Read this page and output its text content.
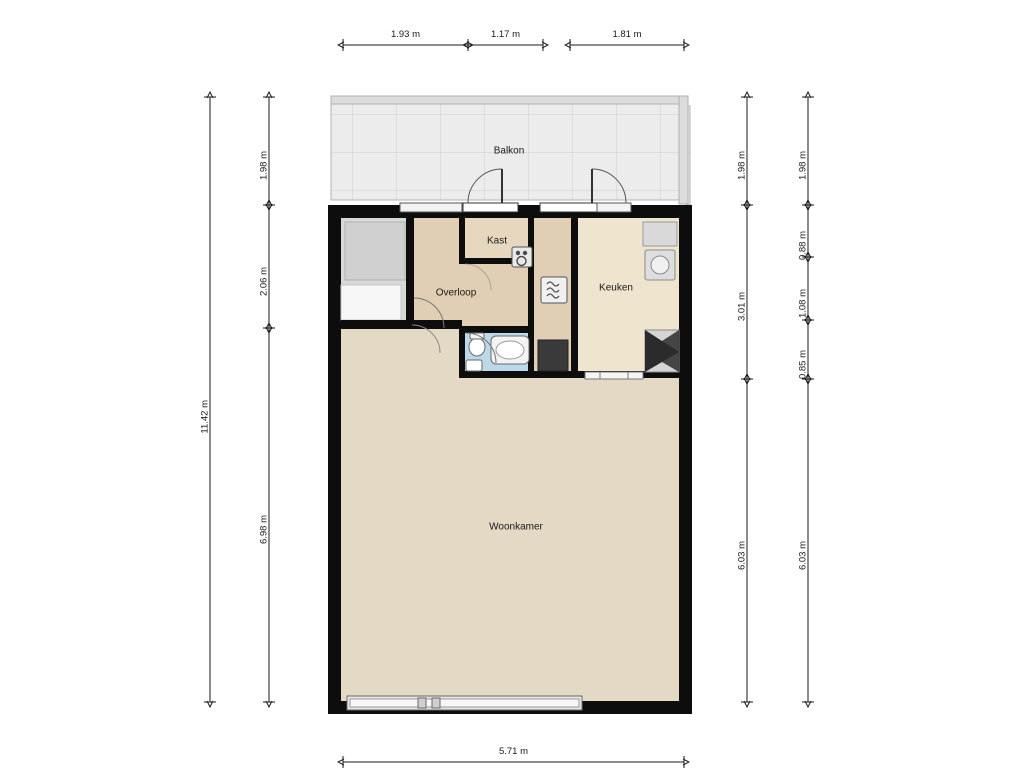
Balkon
Kast
Overloop	Keuken
Woonkamer
1.93 m	1.17 m	1.81 m
5.71 m
11.42 m
1.98 m
2.06 m
6.98 m
1.98 m
3.01 m
6.03 m
1.98 m
0.88 m
1.08 m
0.85 m
6.03 m
